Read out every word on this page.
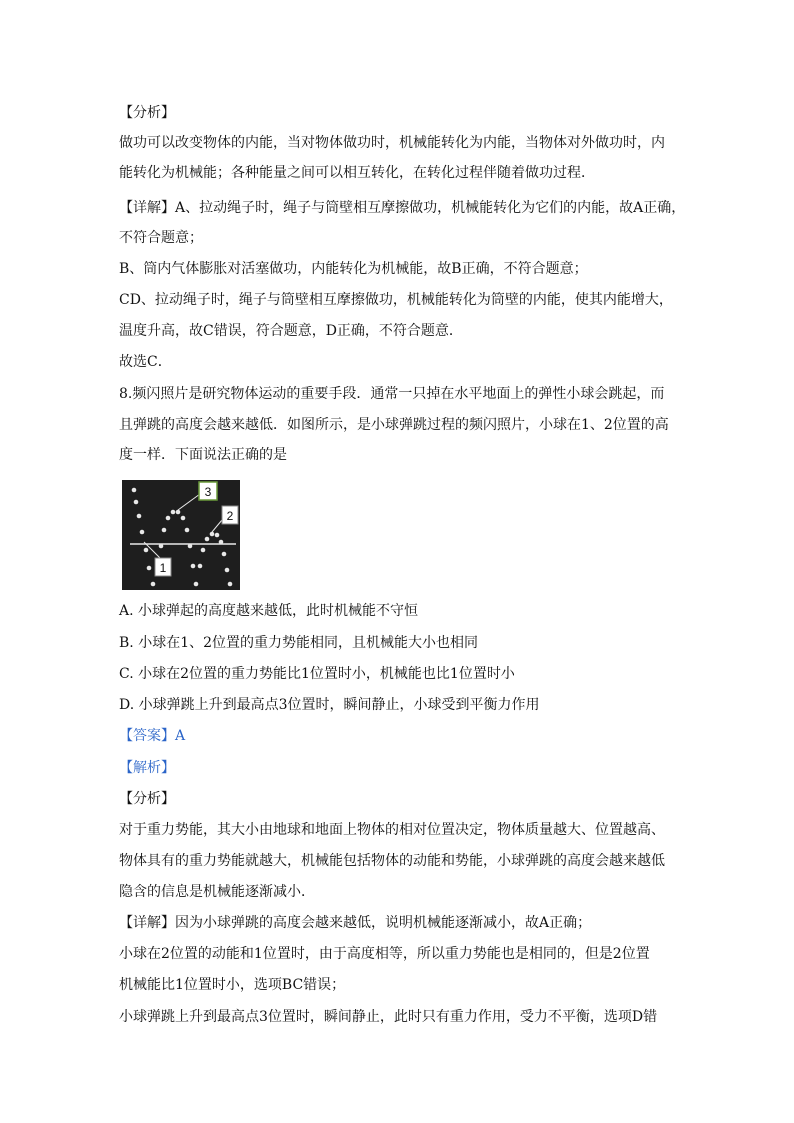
【分析】
做功可以改变物体的内能，当对物体做功时，机械能转化为内能，当物体对外做功时，内
能转化为机械能；各种能量之间可以相互转化，在转化过程伴随着做功过程．
【详解】A、拉动绳子时，绳子与筒壁相互摩擦做功，机械能转化为它们的内能，故A正确，
不符合题意；
B、筒内气体膨胀对活塞做功，内能转化为机械能，故B正确，不符合题意；
CD、拉动绳子时，绳子与筒壁相互摩擦做功，机械能转化为筒壁的内能，使其内能增大，
温度升高，故C错误，符合题意，D正确，不符合题意．
故选C．
8.频闪照片是研究物体运动的重要手段．通常一只掉在水平地面上的弹性小球会跳起，而
且弹跳的高度会越来越低．如图所示，是小球弹跳过程的频闪照片，小球在1、2位置的高
度一样．下面说法正确的是
3
2
1
A. 小球弹起的高度越来越低，此时机械能不守恒
B. 小球在1、2位置的重力势能相同，且机械能大小也相同
C. 小球在2位置的重力势能比1位置时小，机械能也比1位置时小
D. 小球弹跳上升到最高点3位置时，瞬间静止，小球受到平衡力作用
【答案】A
【解析】
【分析】
对于重力势能，其大小由地球和地面上物体的相对位置决定，物体质量越大、位置越高、
物体具有的重力势能就越大，机械能包括物体的动能和势能，小球弹跳的高度会越来越低
隐含的信息是机械能逐渐减小．
【详解】因为小球弹跳的高度会越来越低，说明机械能逐渐减小，故A正确；
小球在2位置的动能和1位置时，由于高度相等，所以重力势能也是相同的，但是2位置
机械能比1位置时小，选项BC错误；
小球弹跳上升到最高点3位置时，瞬间静止，此时只有重力作用，受力不平衡，选项D错
